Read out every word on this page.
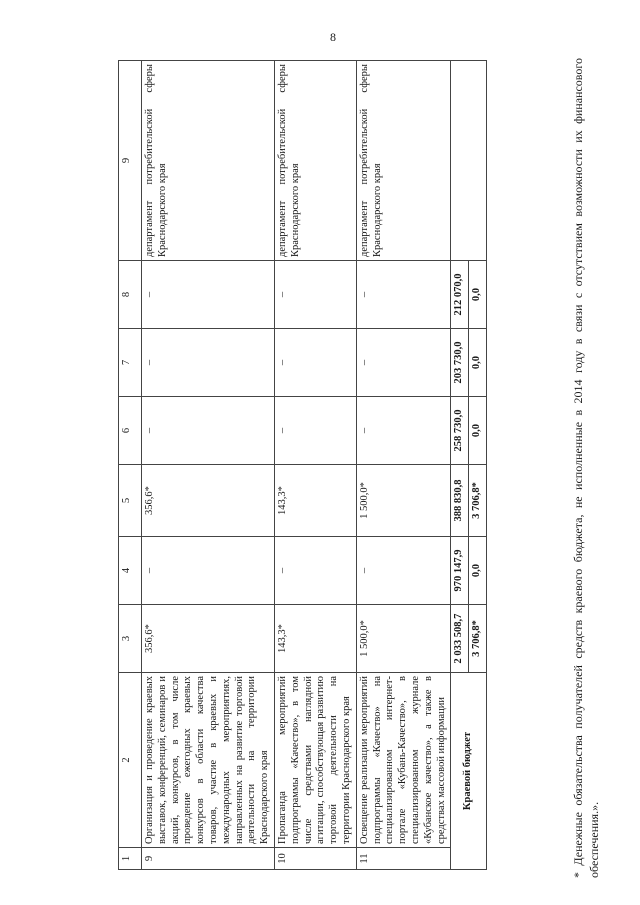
8
1	2	3	4	5	6	7	8	9
9	Организация и проведение краевых выставок, конференций, семинаров и акций, конкурсов, в том числе проведение ежегодных краевых конкурсов в области качества товаров, участие в краевых и международных мероприятиях, направленных на развитие торговой деятельности на территории Краснодарского края	356,6*	–	356,6*	–	–	–	департамент потребительской сферы Краснодарского края
10	Пропаганда мероприятий подпрограммы «Качество», в том числе средствами наглядной агитации, способствующая развитию торговой деятельности на территории Краснодарского края	143,3*	–	143,3*	–	–	–	департамент потребительской сферы Краснодарского края
11	Освещение реализации мероприятий подпрограммы «Качество» на специализированном интернет-портале «Кубань-Качество», в специализированном журнале «Кубанское качество», а также в средствах массовой информации	1 500,0*	–	1 500,0*	–	–	–	департамент потребительской сферы Краснодарского края
Краевой бюджет		2 033 508,7	970 147,9	388 830,8	258 730,0	203 730,0	212 070,0	
		3 706,8*	0,0	3 706,8*	0,0	0,0	0,0		* Денежные обязательства получателей средств краевого бюджета, не исполненные в 2014 году в связи с отсутствием возможности их финансового обеспечения.».
